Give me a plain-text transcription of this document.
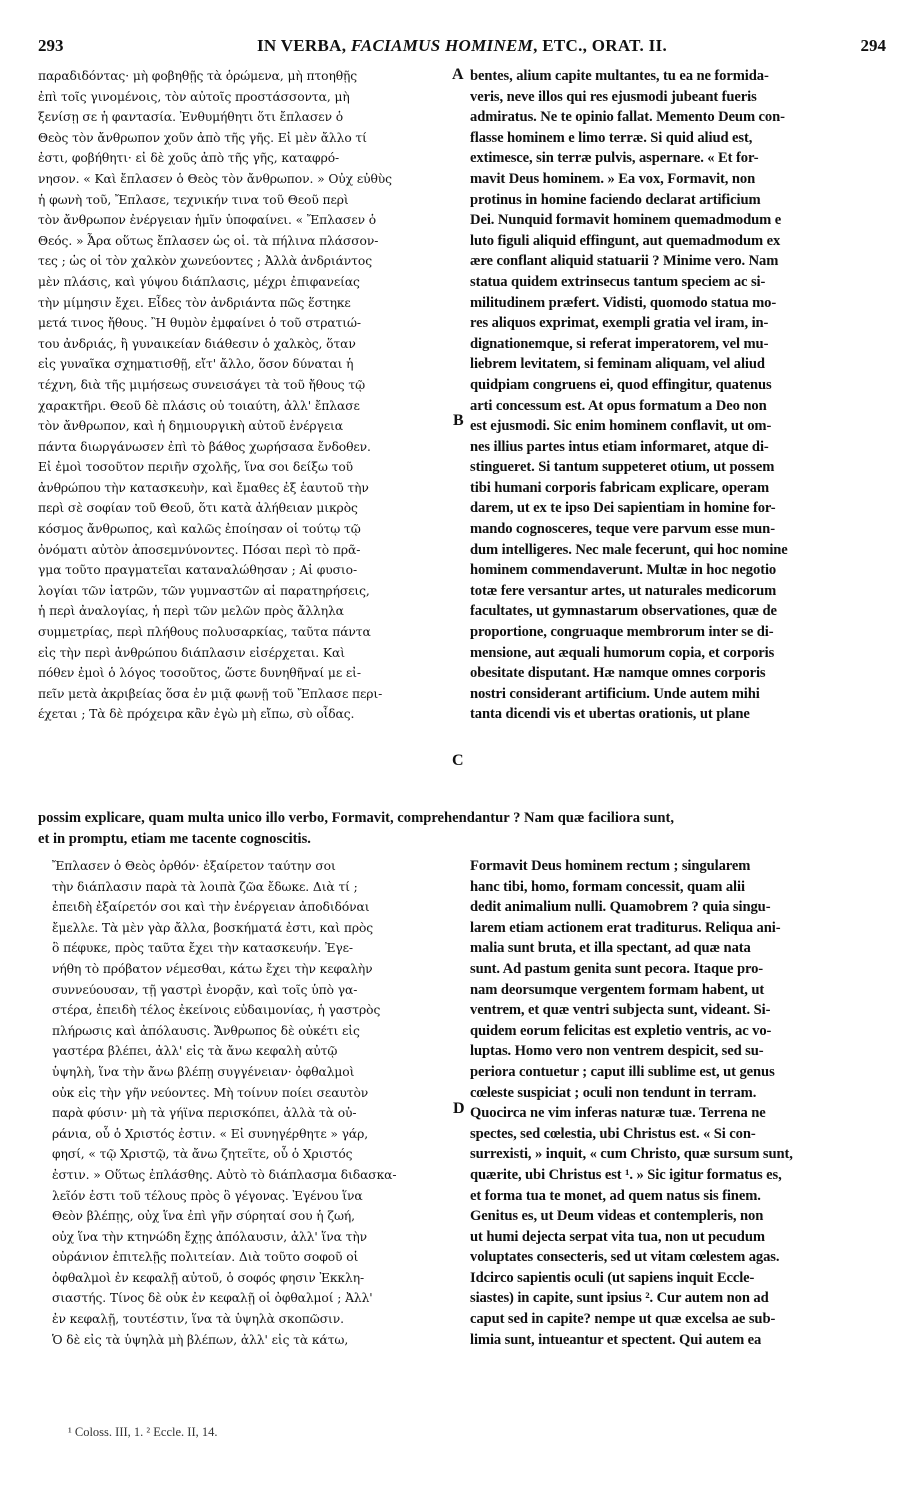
293	IN VERBA, FACIAMUS HOMINEM, ETC., ORAT. II.	294
παραδιδόντας· μὴ φοβηθῇς τὰ ὁρώμενα, μὴ πτοηθῇς
ἐπὶ τοῖς γινομένοις, τὸν αὐτοῖς προστάσσοντα, μὴ
ξενίσῃ σε ἡ φαντασία. Ἐνθυμήθητι ὅτι ἔπλασεν ὁ
Θεὸς τὸν ἄνθρωπον χοῦν ἀπὸ τῆς γῆς. Εἰ μὲν ἄλλο τί
ἐστι, φοβήθητι· εἰ δὲ χοῦς ἀπὸ τῆς γῆς, καταφρό-
νησον. « Καὶ ἔπλασεν ὁ Θεὸς τὸν ἄνθρωπον. » Οὐχ εὐθὺς
ἡ φωνὴ τοῦ, Ἔπλασε, τεχνικήν τινα τοῦ Θεοῦ περὶ
τὸν ἄνθρωπον ἐνέργειαν ἡμῖν ὑποφαίνει. « Ἔπλασεν ὁ
Θεός. » Ἆρα οὕτως ἔπλασεν ὡς οἱ. τὰ πήλινα πλάσσον-
τες ; ὡς οἱ τὸν χαλκὸν χωνεύοντες ; Ἀλλὰ ἀνδριάντος
μὲν πλάσις, καὶ γύψου διάπλασις, μέχρι ἐπιφανείας
τὴν μίμησιν ἔχει. Εἶδες τὸν ἀνδριάντα πῶς ἕστηκε
μετά τινος ἤθους. Ἢ θυμὸν ἐμφαίνει ὁ τοῦ στρατιώ-
του ἀνδριάς, ἢ γυναικείαν διάθεσιν ὁ χαλκὸς, ὅταν
εἰς γυναῖκα σχηματισθῇ, εἴτ' ἄλλο, ὅσον δύναται ἡ
τέχνη, διὰ τῆς μιμήσεως συνεισάγει τὰ τοῦ ἤθους τῷ
χαρακτῆρι. Θεοῦ δὲ πλάσις οὐ τοιαύτη, ἀλλ' ἔπλασε
τὸν ἄνθρωπον, καὶ ἡ δημιουργικὴ αὐτοῦ ἐνέργεια
πάντα διωργάνωσεν ἐπὶ τὸ βάθος χωρήσασα ἔνδοθεν.
Εἰ ἐμοὶ τοσοῦτον περιῆν σχολῆς, ἵνα σοι δείξω τοῦ
ἀνθρώπου τὴν κατασκευὴν, καὶ ἔμαθες ἐξ ἑαυτοῦ τὴν
περὶ σὲ σοφίαν τοῦ Θεοῦ, ὅτι κατὰ ἀλήθειαν μικρὸς
κόσμος ἄνθρωπος, καὶ καλῶς ἐποίησαν οἱ τούτῳ τῷ
ὀνόματι αὐτὸν ἀποσεμνύνοντες. Πόσαι περὶ τὸ πρᾶ-
γμα τοῦτο πραγματεῖαι καταναλώθησαν ; Αἱ φυσιο-
λογίαι τῶν ἰατρῶν, τῶν γυμναστῶν αἱ παρατηρήσεις,
ἡ περὶ ἀναλογίας, ἡ περὶ τῶν μελῶν πρὸς ἄλληλα
συμμετρίας, περὶ πλήθους πολυσαρκίας, ταῦτα πάντα
εἰς τὴν περὶ ἀνθρώπου διάπλασιν εἰσέρχεται. Καὶ
πόθεν ἐμοὶ ὁ λόγος τοσοῦτος, ὥστε δυνηθῆναί με εἰ-
πεῖν μετὰ ἀκριβείας ὅσα ἐν μιᾷ φωνῇ τοῦ Ἔπλασε περι-
έχεται ; Τὰ δὲ πρόχειρα κἂν ἐγὼ μὴ εἴπω, σὺ οἶδας.
bentes, alium capite multantes, tu ea ne formida-
veris, neve illos qui res ejusmodi jubeant fueris
admiratus. Ne te opinio fallat. Memento Deum con-
flasse hominem e limo terræ. Si quid aliud est,
extimesce, sin terræ pulvis, aspernare. « Et for-
mavit Deus hominem. » Ea vox, Formavit, non
protinus in homine faciendo declarat artificium
Dei. Nunquid formavit hominem quemadmodum e
luto figuli aliquid effingunt, aut quemadmodum ex
ære conflant aliquid statuarii ? Minime vero. Nam
statua quidem extrinsecus tantum speciem ac si-
militudinem præfert. Vidisti, quomodo statua mo-
res aliquos exprimat, exempli gratia vel iram, in-
dignationemque, si referat imperatorem, vel mu-
liebrem levitatem, si feminam aliquam, vel aliud
quidpiam congruens ei, quod effingitur, quatenus
arti concessum est. At opus formatum a Deo non
est ejusmodi. Sic enim hominem conflavit, ut om-
nes illius partes intus etiam informaret, atque di-
stingueret. Si tantum suppeteret otium, ut possem
tibi humani corporis fabricam explicare, operam
darem, ut ex te ipso Dei sapientiam in homine for-
mando cognosceres, teque vere parvum esse mun-
dum intelligeres. Nec male fecerunt, qui hoc nomine
hominem commendaverunt. Multæ in hoc negotio
totæ fere versantur artes, ut naturales medicorum
facultates, ut gymnastarum observationes, quæ de
proportione, congruaque membrorum inter se di-
mensione, aut æquali humorum copia, et corporis
obesitate disputant. Hæ namque omnes corporis
nostri considerant artificium. Unde autem mihi
tanta dicendi vis et ubertas orationis, ut plane
possim explicare, quam multa unico illo verbo, Formavit, comprehendantur ? Nam quæ faciliora sunt,
et in promptu, etiam me tacente cognoscitis.
Ἔπλασεν ὁ Θεὸς ὀρθόν· ἐξαίρετον ταύτην σοι
τὴν διάπλασιν παρὰ τὰ λοιπὰ ζῶα ἔδωκε. Διὰ τί ;
ἐπειδὴ ἐξαίρετόν σοι καὶ τὴν ἐνέργειαν ἀποδιδόναι
ἔμελλε. Τὰ μὲν γὰρ ἄλλα, βοσκήματά ἐστι, καὶ πρὸς
ὃ πέφυκε, πρὸς ταῦτα ἔχει τὴν κατασκευήν. Ἐγε-
νήθη τὸ πρόβατον νέμεσθαι, κάτω ἔχει τὴν κεφαλὴν
συννεύουσαν, τῇ γαστρὶ ἐνορᾷν, καὶ τοῖς ὑπὸ γα-
στέρα, ἐπειδὴ τέλος ἐκείνοις εὐδαιμονίας, ἡ γαστρὸς
πλήρωσις καὶ ἀπόλαυσις. Ἄνθρωπος δὲ οὐκέτι εἰς
γαστέρα βλέπει, ἀλλ' εἰς τὰ ἄνω κεφαλὴ αὐτῷ
ὑψηλὴ, ἵνα τὴν ἄνω βλέπῃ συγγένειαν· ὀφθαλμοὶ
οὐκ εἰς τὴν γῆν νεύοντες. Μὴ τοίνυν ποίει σεαυτὸν
παρὰ φύσιν· μὴ τὰ γήϊνα περισκόπει, ἀλλὰ τὰ οὐ-
ράνια, οὗ ὁ Χριστός ἐστιν. « Εἰ συνηγέρθητε » γάρ,
φησί, « τῷ Χριστῷ, τὰ ἄνω ζητεῖτε, οὗ ὁ Χριστός
ἐστιν. » Οὕτως ἐπλάσθης. Αὐτὸ τὸ διάπλασμα διδασκα-
λεῖόν ἐστι τοῦ τέλους πρὸς ὃ γέγονας. Ἐγένου ἵνα
Θεὸν βλέπῃς, οὐχ ἵνα ἐπὶ γῆν σύρηταί σου ἡ ζωή,
οὐχ ἵνα τὴν κτηνώδη ἔχῃς ἀπόλαυσιν, ἀλλ' ἵνα τὴν
οὐράνιον ἐπιτελῇς πολιτείαν. Διὰ τοῦτο σοφοῦ οἱ
ὀφθαλμοὶ ἐν κεφαλῇ αὐτοῦ, ὁ σοφός φησιν Ἐκκλη-
σιαστής. Τίνος δὲ οὐκ ἐν κεφαλῇ οἱ ὀφθαλμοί ; Ἀλλ'
ἐν κεφαλῇ, τουτέστιν, ἵνα τὰ ὑψηλὰ σκοπῶσιν.
Ὁ δὲ εἰς τὰ ὑψηλὰ μὴ βλέπων, ἀλλ' εἰς τὰ κάτω,
Formavit Deus hominem rectum ; singularem
hanc tibi, homo, formam concessit, quam alii
dedit animalium nulli. Quamobrem ? quia singu-
larem etiam actionem erat traditurus. Reliqua ani-
malia sunt bruta, et illa spectant, ad quæ nata
sunt. Ad pastum genita sunt pecora. Itaque pro-
nam deorsumque vergentem formam habent, ut
ventrem, et quæ ventri subjecta sunt, videant. Si-
quidem eorum felicitas est expletio ventris, ac vo-
luptas. Homo vero non ventrem despicit, sed su-
periora contuetur ; caput illi sublime est, ut genus
cœleste suspiciat ; oculi non tendunt in terram.
Quocirca ne vim inferas naturæ tuæ. Terrena ne
spectes, sed cœlestia, ubi Christus est. « Si con-
surrexisti, » inquit, « cum Christo, quæ sursum sunt,
quærite, ubi Christus est ¹. » Sic igitur formatus es,
et forma tua te monet, ad quem natus sis finem.
Genitus es, ut Deum videas et contempleris, non
ut humi dejecta serpat vita tua, non ut pecudum
voluptates consecteris, sed ut vitam cœlestem agas.
Idcirco sapientis oculi (ut sapiens inquit Eccle-
siastes) in capite, sunt ipsius ². Cur autem non ad
caput sed in capite? nempe ut quæ excelsa ae sub-
limia sunt, intueantur et spectent. Qui autem ea
A
B
C
D
¹ Coloss. III, 1. ² Eccle. II, 14.
